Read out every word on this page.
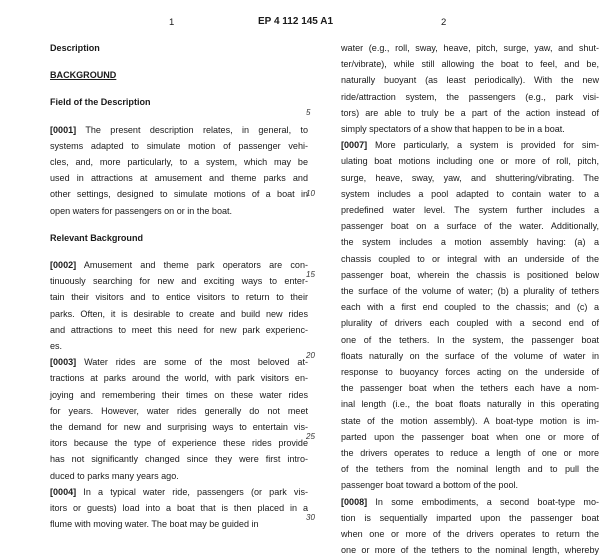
1	EP 4 112 145 A1	2
Description
BACKGROUND
Field of the Description
[0001] The present description relates, in general, to
systems adapted to simulate motion of passenger vehi-
cles, and, more particularly, to a system, which may be
used in attractions at amusement and theme parks and
other settings, designed to simulate motions of a boat in
open waters for passengers on or in the boat.
Relevant Background
[0002] Amusement and theme park operators are con-
tinuously searching for new and exciting ways to enter-
tain their visitors and to entice visitors to return to their
parks. Often, it is desirable to create and build new rides
and attractions to meet this need for new park experienc-
es.
[0003] Water rides are some of the most beloved at-
tractions at parks around the world, with park visitors en-
joying and remembering their times on these water rides
for years. However, water rides generally do not meet
the demand for new and surprising ways to entertain vis-
itors because the type of experience these rides provide
has not significantly changed since they were first intro-
duced to parks many years ago.
[0004] In a typical water ride, passengers (or park vis-
itors or guests) load into a boat that is then placed in a
flume with moving water. The boat may be guided in
5
10
15
20
25
30
water (e.g., roll, sway, heave, pitch, surge, yaw, and shut-
ter/vibrate), while still allowing the boat to feel, and be,
naturally buoyant (as least periodically). With the new
ride/attraction system, the passengers (e.g., park visi-
tors) are able to truly be a part of the action instead of
simply spectators of a show that happen to be in a boat.
[0007] More particularly, a system is provided for sim-
ulating boat motions including one or more of roll, pitch,
surge, heave, sway, yaw, and shuttering/vibrating. The
system includes a pool adapted to contain water to a
predefined water level. The system further includes a
passenger boat on a surface of the water. Additionally,
the system includes a motion assembly having: (a) a
chassis coupled to or integral with an underside of the
passenger boat, wherein the chassis is positioned below
the surface of the volume of water; (b) a plurality of tethers
each with a first end coupled to the chassis; and (c) a
plurality of drivers each coupled with a second end of
one of the tethers. In the system, the passenger boat
floats naturally on the surface of the volume of water in
response to buoyancy forces acting on the underside of
the passenger boat when the tethers each have a nom-
inal length (i.e., the boat floats naturally in this operating
state of the motion assembly). A boat-type motion is im-
parted upon the passenger boat when one or more of
the drivers operates to reduce a length of one or more
of the tethers from the nominal length and to pull the
passenger boat toward a bottom of the pool.
[0008] In some embodiments, a second boat-type mo-
tion is sequentially imparted upon the passenger boat
when one or more of the drivers operates to return the
one or more of the tethers to the nominal length, whereby
